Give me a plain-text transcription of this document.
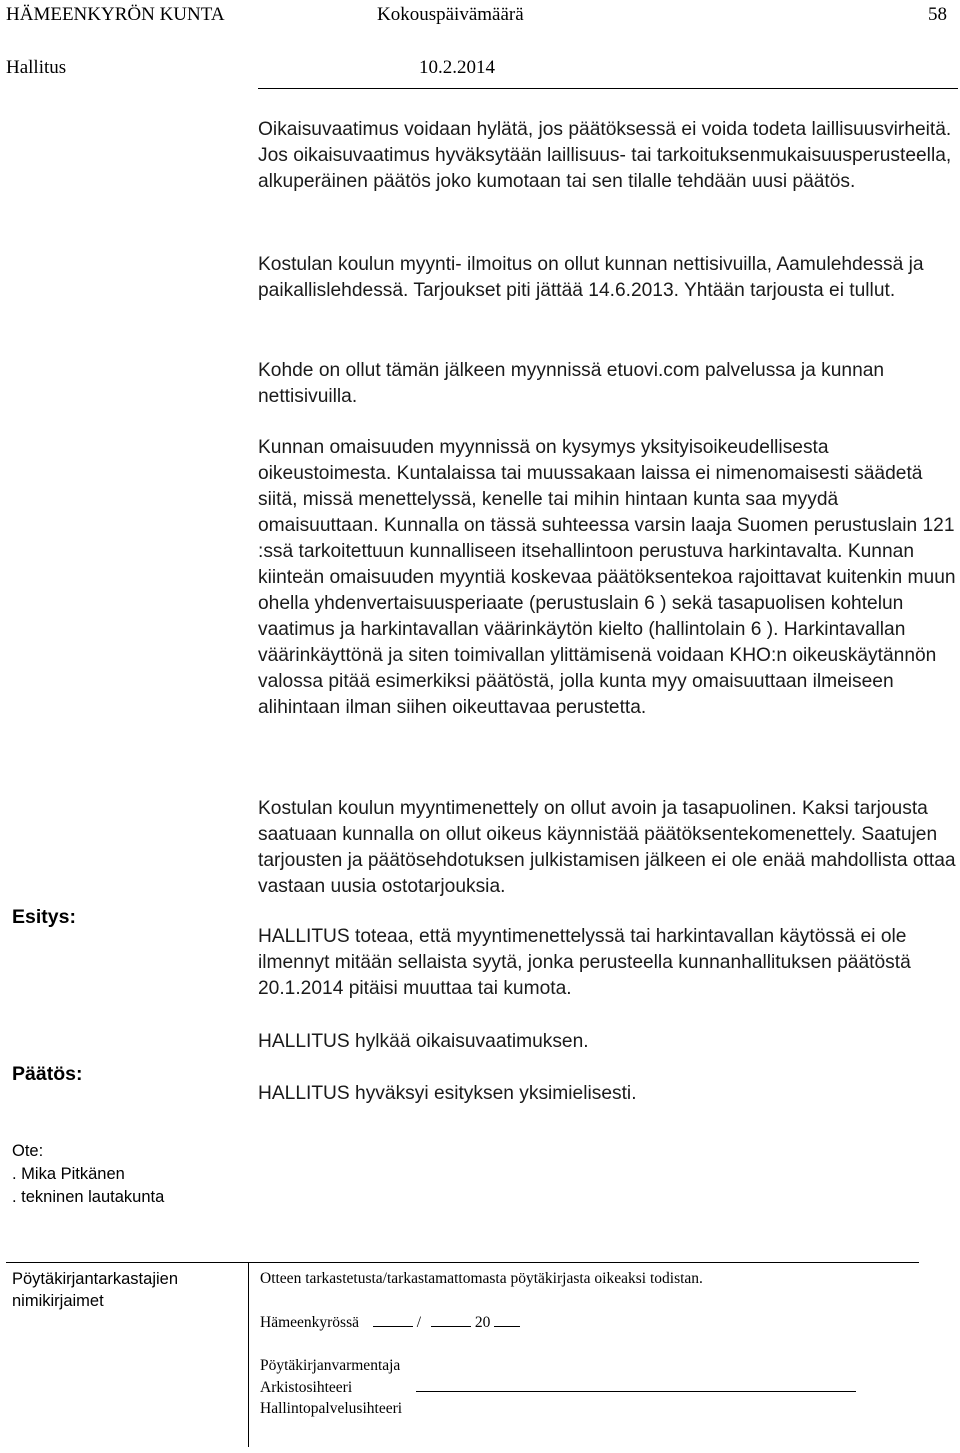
HÄMEENKYRÖN KUNTA	Kokouspäivämäärä	58
Hallitus	10.2.2014

Oikaisuvaatimus voidaan hylätä, jos päätöksessä ei voida todeta laillisuusvirheitä. Jos oikaisuvaatimus hyväksytään laillisuus- tai tarkoituksenmukaisuusperusteella, alkuperäinen päätös joko kumotaan tai sen tilalle tehdään uusi päätös.

Kostulan koulun myynti- ilmoitus on ollut kunnan nettisivuilla, Aamulehdessä ja paikallislehdessä. Tarjoukset piti jättää 14.6.2013. Yhtään tarjousta ei tullut.

Kohde on ollut tämän jälkeen myynnissä etuovi.com palvelussa ja kunnan nettisivuilla.

Kunnan omaisuuden myynnissä on kysymys yksityisoikeudellisesta oikeustoimesta. Kuntalaissa tai muussakaan laissa ei nimenomaisesti säädetä siitä, missä menettelyssä, kenelle tai mihin hintaan kunta saa myydä omaisuuttaan. Kunnalla on tässä suhteessa varsin laaja Suomen perustuslain 121 :ssä tarkoitettuun kunnalliseen itsehallintoon perustuva harkintavalta. Kunnan kiinteän omaisuuden myyntiä koskevaa päätöksentekoa rajoittavat kuitenkin muun ohella yhdenvertaisuusperiaate (perustuslain 6 ) sekä tasapuolisen kohtelun vaatimus ja harkintavallan väärinkäytön kielto (hallintolain 6 ). Harkintavallan väärinkäyttönä ja siten toimivallan ylittämisenä voidaan KHO:n oikeuskäytännön valossa pitää esimerkiksi päätöstä, jolla kunta myy omaisuuttaan ilmeiseen alihintaan ilman siihen oikeuttavaa perustetta.

Kostulan koulun myyntimenettely on ollut avoin ja tasapuolinen. Kaksi tarjousta saatuaan kunnalla on ollut oikeus käynnistää päätöksentekomenettely. Saatujen tarjousten ja päätösehdotuksen julkistamisen jälkeen ei ole enää mahdollista ottaa vastaan uusia ostotarjouksia.

Esitys:

HALLITUS toteaa, että myyntimenettelyssä tai harkintavallan käytössä ei ole ilmennyt mitään sellaista syytä, jonka perusteella kunnanhallituksen päätöstä 20.1.2014 pitäisi muuttaa tai kumota.

HALLITUS hylkää oikaisuvaatimuksen.

Päätös:

HALLITUS hyväksyi esityksen yksimielisesti.

Ote:
. Mika Pitkänen
. tekninen lautakunta
Pöytäkirjantarkastajien nimikirjaimet
Otteen tarkastetusta/tarkastamattomasta pöytäkirjasta oikeaksi todistan.
Hämeenkyrössä	/	20
Pöytäkirjanvarmentaja
Arkistosihteeri
Hallintopalvelusihteeri
